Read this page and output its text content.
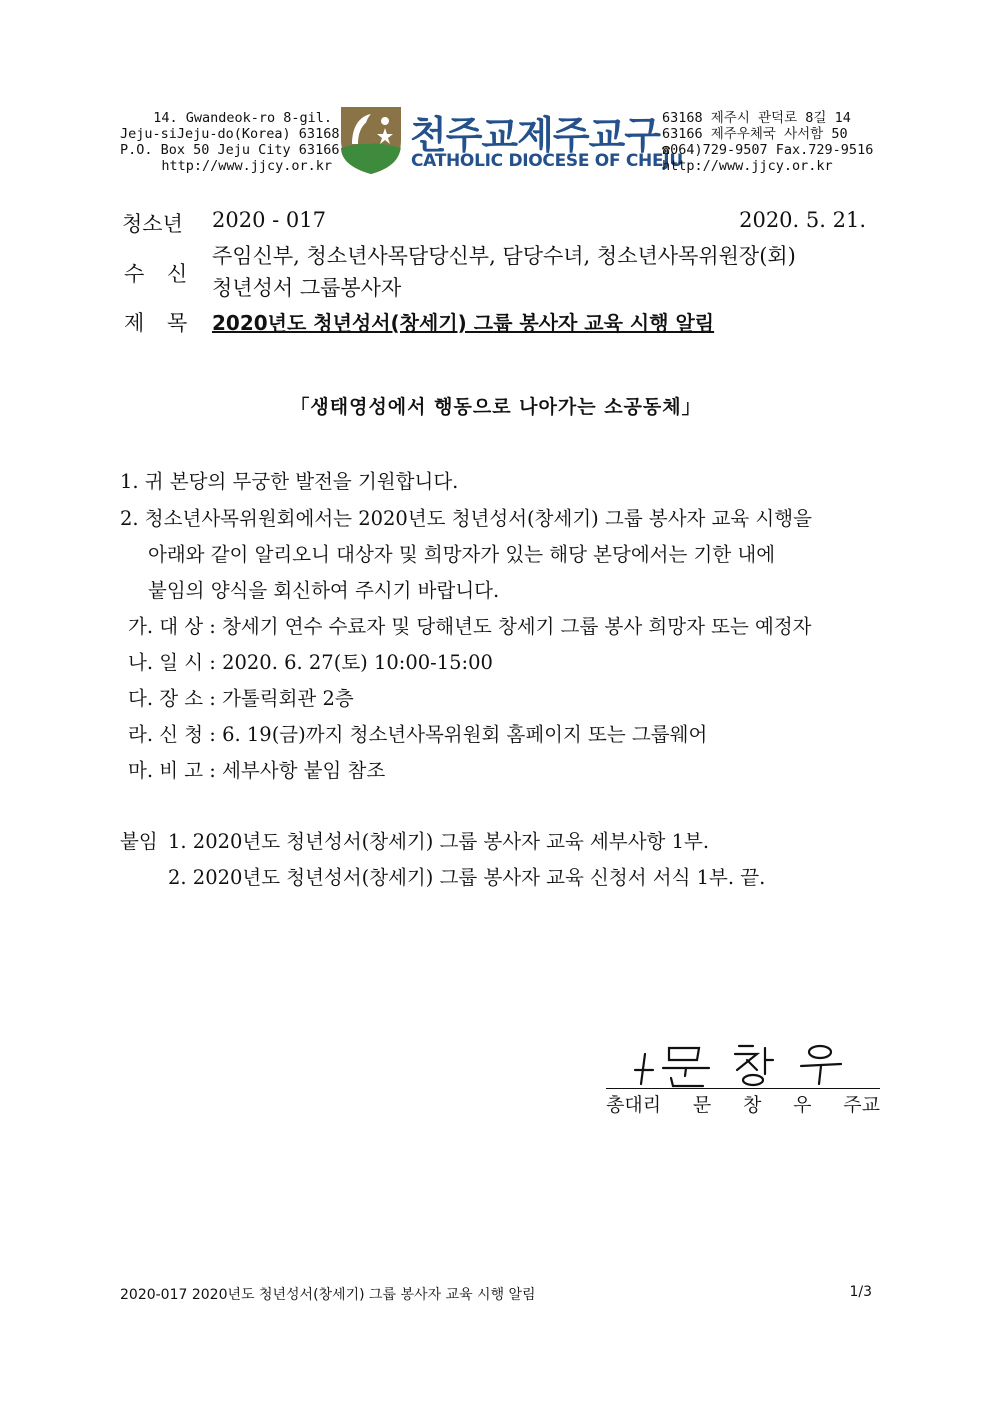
14. Gwandeok-ro 8-gil.
Jeju-siJeju-do(Korea) 63168
P.O. Box 50 Jeju City 63166
http://www.jjcy.or.kr
천주교제주교구
CATHOLIC DIOCESE OF CHEJU
63168 제주시 관덕로 8길 14
63166 제주우체국 사서함 50
☎064)729-9507 Fax.729-9516
http://www.jjcy.or.kr
청소년 2020 - 017	2020. 5. 21.
수 신
주임신부, 청소년사목담당신부, 담당수녀, 청소년사목위원장(회)
청년성서 그룹봉사자
제 목 2020년도 청년성서(창세기) 그룹 봉사자 교육 시행 알림
「생태영성에서 행동으로 나아가는 소공동체」
1. 귀 본당의 무궁한 발전을 기원합니다.
2. 청소년사목위원회에서는 2020년도 청년성서(창세기) 그룹 봉사자 교육 시행을
아래와 같이 알리오니 대상자 및 희망자가 있는 해당 본당에서는 기한 내에
붙임의 양식을 회신하여 주시기 바랍니다.
가. 대 상 : 창세기 연수 수료자 및 당해년도 창세기 그룹 봉사 희망자 또는 예정자
나. 일 시 : 2020. 6. 27(토) 10:00-15:00
다. 장 소 : 가톨릭회관 2층
라. 신 청 : 6. 19(금)까지 청소년사목위원회 홈페이지 또는 그룹웨어
마. 비 고 : 세부사항 붙임 참조
붙임 1. 2020년도 청년성서(창세기) 그룹 봉사자 교육 세부사항 1부.
2. 2020년도 청년성서(창세기) 그룹 봉사자 교육 신청서 서식 1부. 끝.
총대리 문 창 우 주교
2020-017 2020년도 청년성서(창세기) 그룹 봉사자 교육 시행 알림	1/3
